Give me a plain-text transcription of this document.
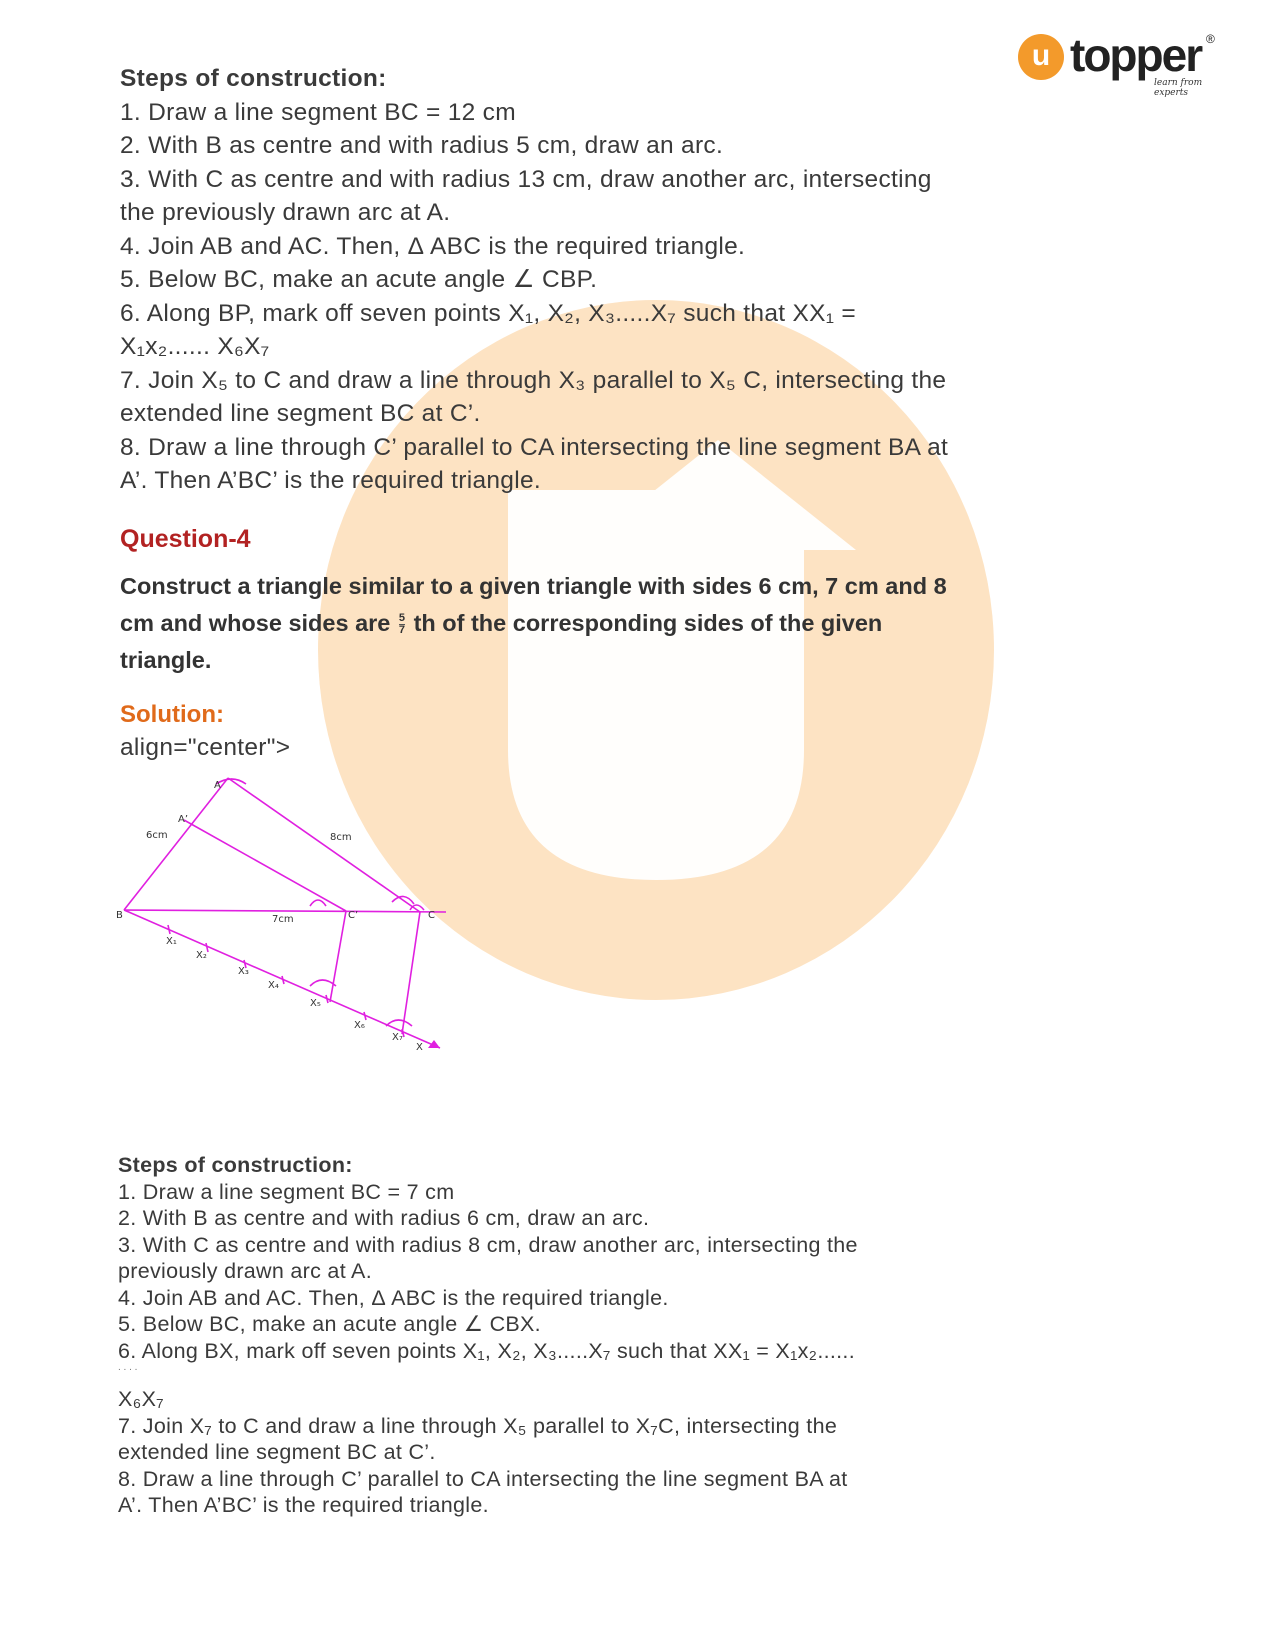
u topper ®
learn from experts
Steps of construction:
1. Draw a line segment BC = 12 cm
2. With B as centre and with radius 5 cm, draw an arc.
3. With C as centre and with radius 13 cm, draw another arc, intersecting
the previously drawn arc at A.
4. Join AB and AC. Then, Δ ABC is the required triangle.
5. Below BC, make an acute angle ∠ CBP.
6. Along BP, mark off seven points X₁, X₂, X₃.....X₇ such that XX₁ =
X₁x₂...... X₆X₇
7. Join X₅ to C and draw a line through X₃ parallel to X₅ C, intersecting the
extended line segment BC at C’.
8. Draw a line through C’ parallel to CA intersecting the line segment BA at
A’. Then A’BC’ is the required triangle.
Question-4
Construct a triangle similar to a given triangle with sides 6 cm, 7 cm and 8
cm and whose sides are $\frac{5}{7}$ th of the corresponding sides of the given
triangle.
Solution:
align="center">
A
A’
B	C
C’
X
6cm	8cm
7cm
X₁
X₂
X₃
X₄
X₅
X₆
X₇
Steps of construction:
1. Draw a line segment BC = 7 cm
2. With B as centre and with radius 6 cm, draw an arc.
3. With C as centre and with radius 8 cm, draw another arc, intersecting the
previously drawn arc at A.
4. Join AB and AC. Then, Δ ABC is the required triangle.
5. Below BC, make an acute angle ∠ CBX.
6. Along BX, mark off seven points X₁, X₂, X₃.....X₇ such that XX₁ = X₁x₂......
. . . .
X₆X₇
7. Join X₇ to C and draw a line through X₅ parallel to X₇C, intersecting the
extended line segment BC at C’.
8. Draw a line through C’ parallel to CA intersecting the line segment BA at
A’. Then A’BC’ is the required triangle.
